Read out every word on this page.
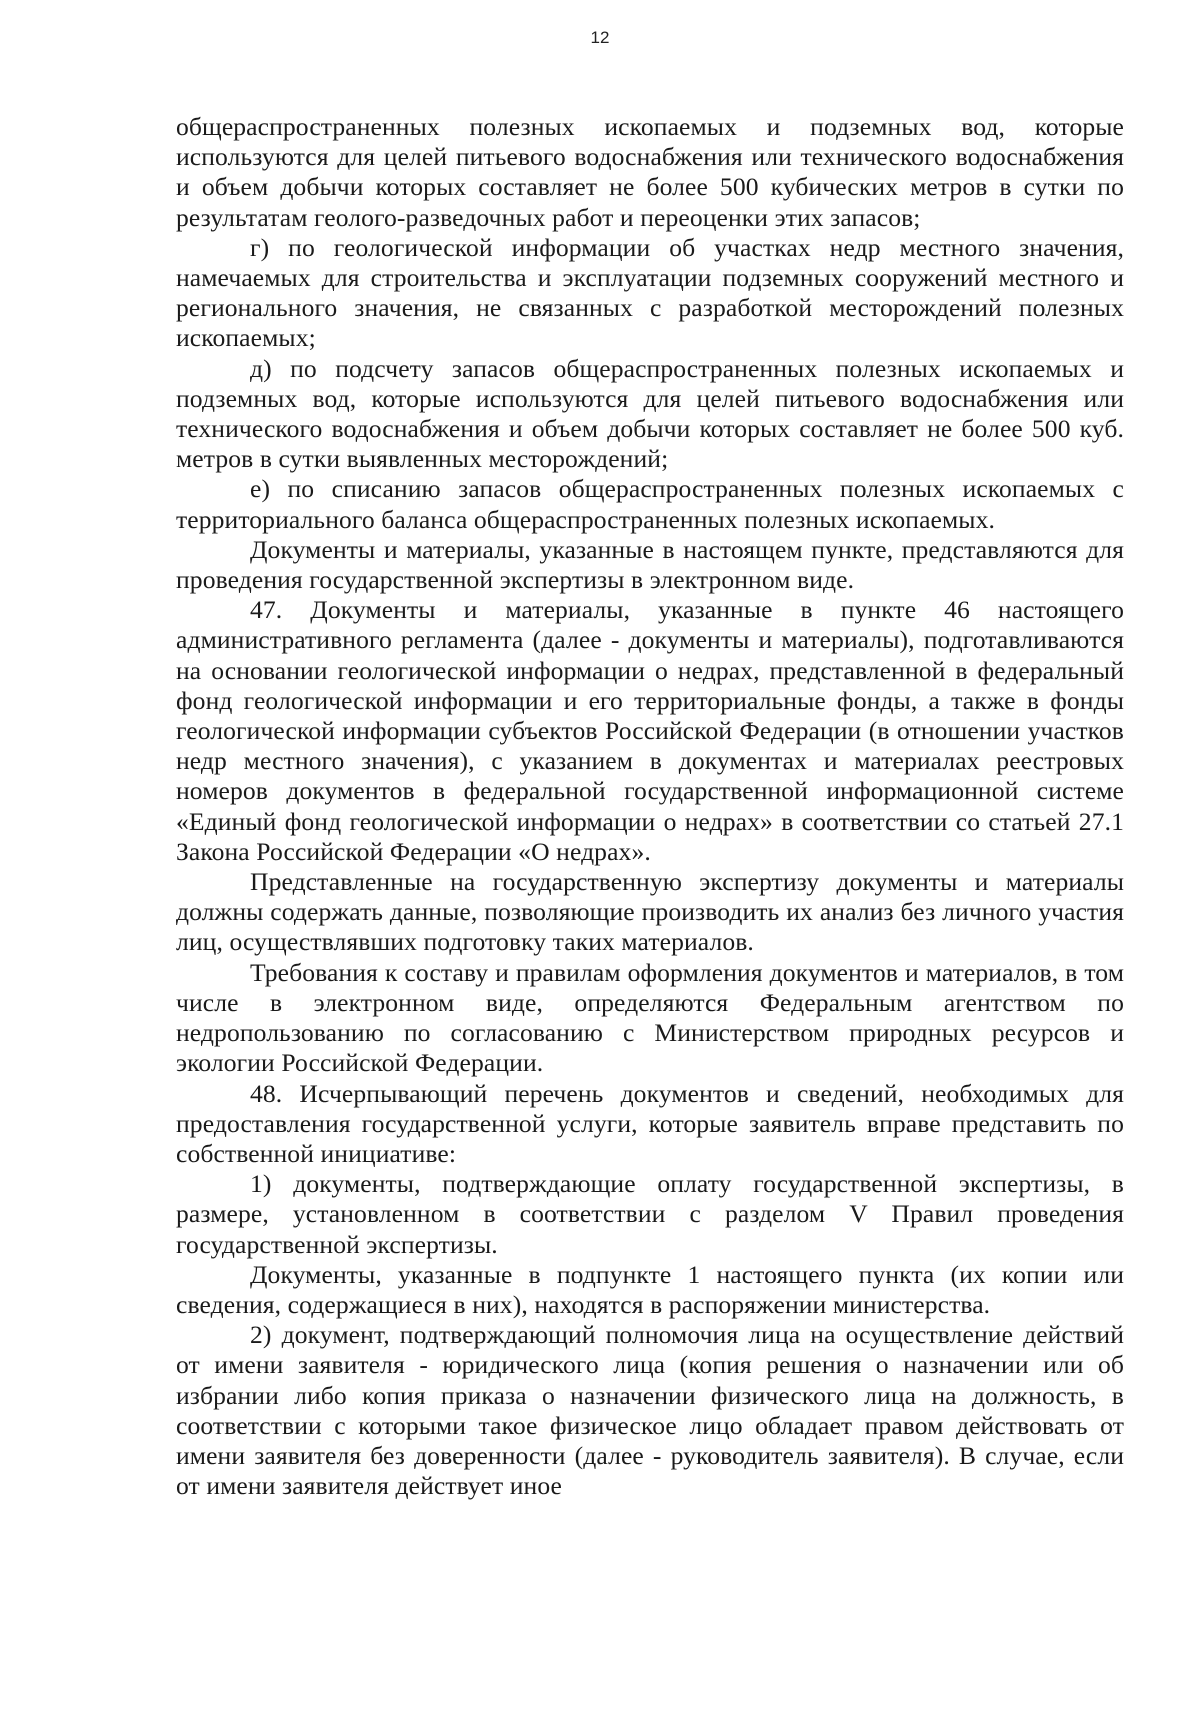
12

общераспространенных полезных ископаемых и подземных вод, которые используются для целей питьевого водоснабжения или технического водоснабжения и объем добычи которых составляет не более 500 кубических метров в сутки по результатам геолого-разведочных работ и переоценки этих запасов;

г) по геологической информации об участках недр местного значения, намечаемых для строительства и эксплуатации подземных сооружений местного и регионального значения, не связанных с разработкой месторождений полезных ископаемых;

д) по подсчету запасов общераспространенных полезных ископаемых и подземных вод, которые используются для целей питьевого водоснабжения или технического водоснабжения и объем добычи которых составляет не более 500 куб. метров в сутки выявленных месторождений;

е) по списанию запасов общераспространенных полезных ископаемых с территориального баланса общераспространенных полезных ископаемых.

Документы и материалы, указанные в настоящем пункте, представляются для проведения государственной экспертизы в электронном виде.

47. Документы и материалы, указанные в пункте 46 настоящего административного регламента (далее - документы и материалы), подготавливаются на основании геологической информации о недрах, представленной в федеральный фонд геологической информации и его территориальные фонды, а также в фонды геологической информации субъектов Российской Федерации (в отношении участков недр местного значения), с указанием в документах и материалах реестровых номеров документов в федеральной государственной информационной системе «Единый фонд геологической информации о недрах» в соответствии со статьей 27.1 Закона Российской Федерации «О недрах».

Представленные на государственную экспертизу документы и материалы должны содержать данные, позволяющие производить их анализ без личного участия лиц, осуществлявших подготовку таких материалов.

Требования к составу и правилам оформления документов и материалов, в том числе в электронном виде, определяются Федеральным агентством по недропользованию по согласованию с Министерством природных ресурсов и экологии Российской Федерации.

48. Исчерпывающий перечень документов и сведений, необходимых для предоставления государственной услуги, которые заявитель вправе представить по собственной инициативе:

1) документы, подтверждающие оплату государственной экспертизы, в размере, установленном в соответствии с разделом V Правил проведения государственной экспертизы.

Документы, указанные в подпункте 1 настоящего пункта (их копии или сведения, содержащиеся в них), находятся в распоряжении министерства.

2) документ, подтверждающий полномочия лица на осуществление действий от имени заявителя - юридического лица (копия решения о назначении или об избрании либо копия приказа о назначении физического лица на должность, в соответствии с которыми такое физическое лицо обладает правом действовать от имени заявителя без доверенности (далее - руководитель заявителя). В случае, если от имени заявителя действует иное
